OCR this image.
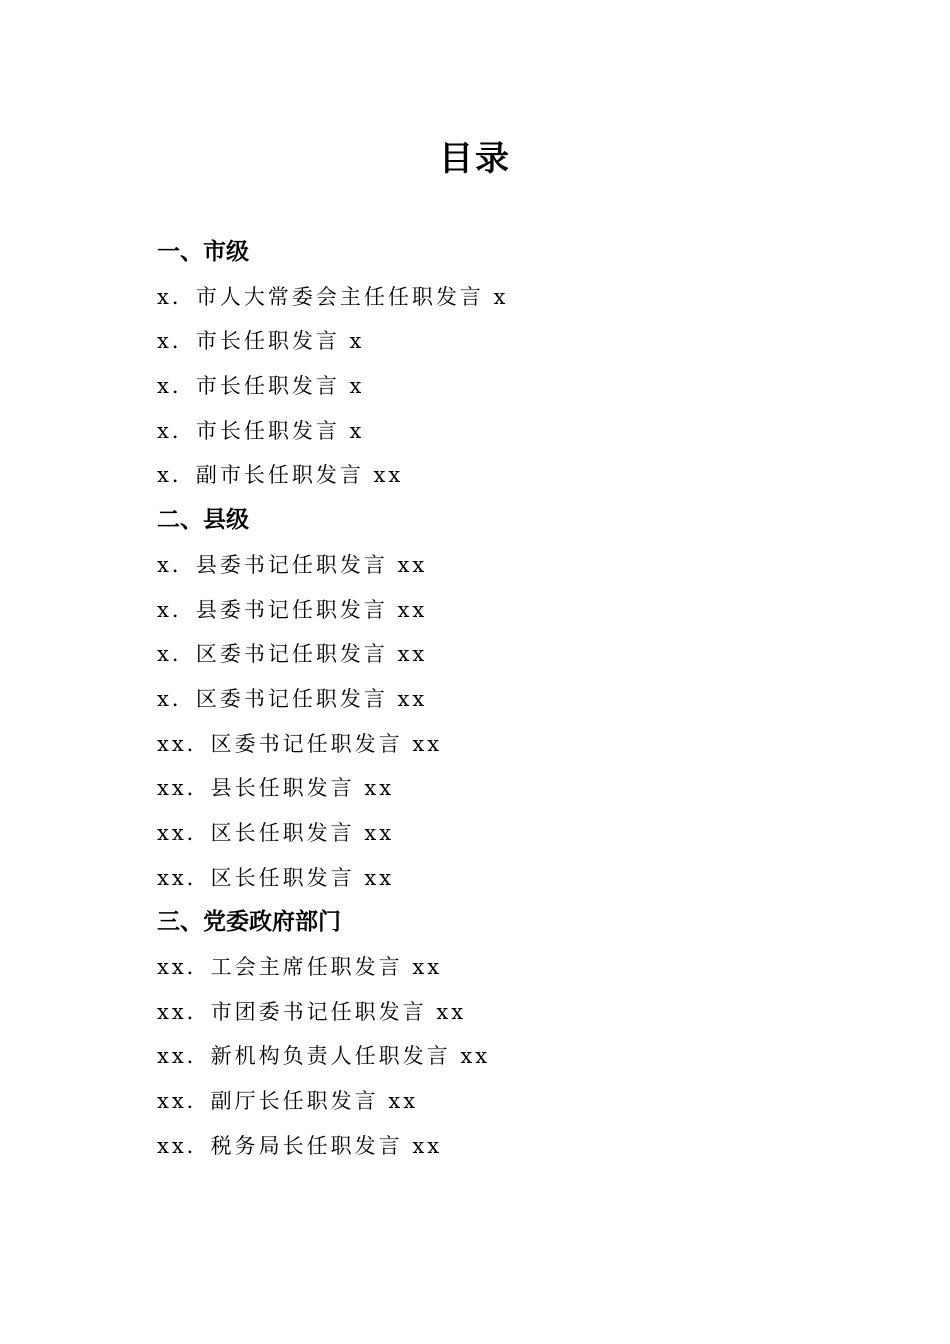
目录
一、市级
x．市人大常委会主任任职发言 x
x．市长任职发言 x
x．市长任职发言 x
x．市长任职发言 x
x．副市长任职发言 xx
二、县级
x．县委书记任职发言 xx
x．县委书记任职发言 xx
x．区委书记任职发言 xx
x．区委书记任职发言 xx
xx．区委书记任职发言 xx
xx．县长任职发言 xx
xx．区长任职发言 xx
xx．区长任职发言 xx
三、党委政府部门
xx．工会主席任职发言 xx
xx．市团委书记任职发言 xx
xx．新机构负责人任职发言 xx
xx．副厅长任职发言 xx
xx．税务局长任职发言 xx
